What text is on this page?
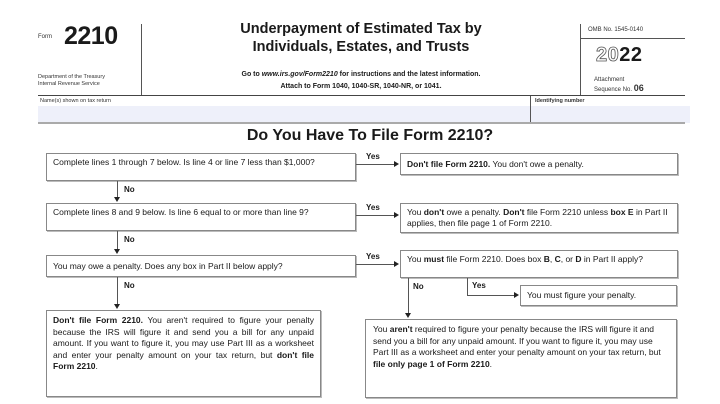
Form 2210
Department of the Treasury
Internal Revenue Service
Underpayment of Estimated Tax by
Individuals, Estates, and Trusts
Go to www.irs.gov/Form2210 for instructions and the latest information.
Attach to Form 1040, 1040-SR, 1040-NR, or 1041.
OMB No. 1545-0140
2022
Attachment
Sequence No. 06
Name(s) shown on tax return	Identifying number
Do You Have To File Form 2210?
Complete lines 1 through 7 below. Is line 4 or line 7 less than $1,000?
Complete lines 8 and 9 below. Is line 6 equal to or more than line 9?
You may owe a penalty. Does any box in Part II below apply?
Don't file Form 2210. You aren't required to figure your penalty because the IRS will figure it and send you a bill for any unpaid amount. If you want to figure it, you may use Part III as a worksheet and enter your penalty amount on your tax return, but don't file Form 2210.
Don't file Form 2210. You don't owe a penalty.
You don't owe a penalty. Don't file Form 2210 unless box E in Part II applies, then file page 1 of Form 2210.
You must file Form 2210. Does box B, C, or D in Part II apply?
You must figure your penalty.
You aren't required to figure your penalty because the IRS will figure it and send you a bill for any unpaid amount. If you want to figure it, you may use Part III as a worksheet and enter your penalty amount on your tax return, but file only page 1 of Form 2210.
Yes
Yes
Yes
No
No
No	No	Yes
